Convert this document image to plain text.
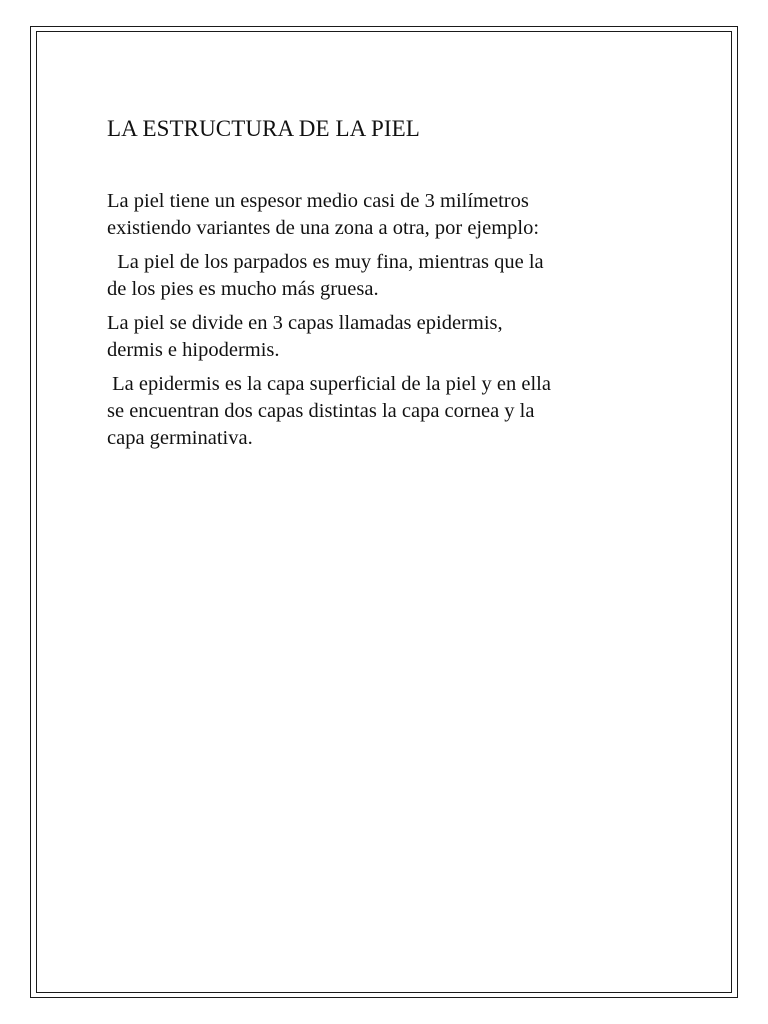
LA ESTRUCTURA DE LA PIEL

La piel tiene un espesor medio casi de 3 milímetros
existiendo variantes de una zona a otra, por ejemplo:

La piel de los parpados es muy fina, mientras que la
de los pies es mucho más gruesa.

La piel se divide en 3 capas llamadas epidermis,
dermis e hipodermis.

La epidermis es la capa superficial de la piel y en ella
se encuentran dos capas distintas la capa cornea y la
capa germinativa.
